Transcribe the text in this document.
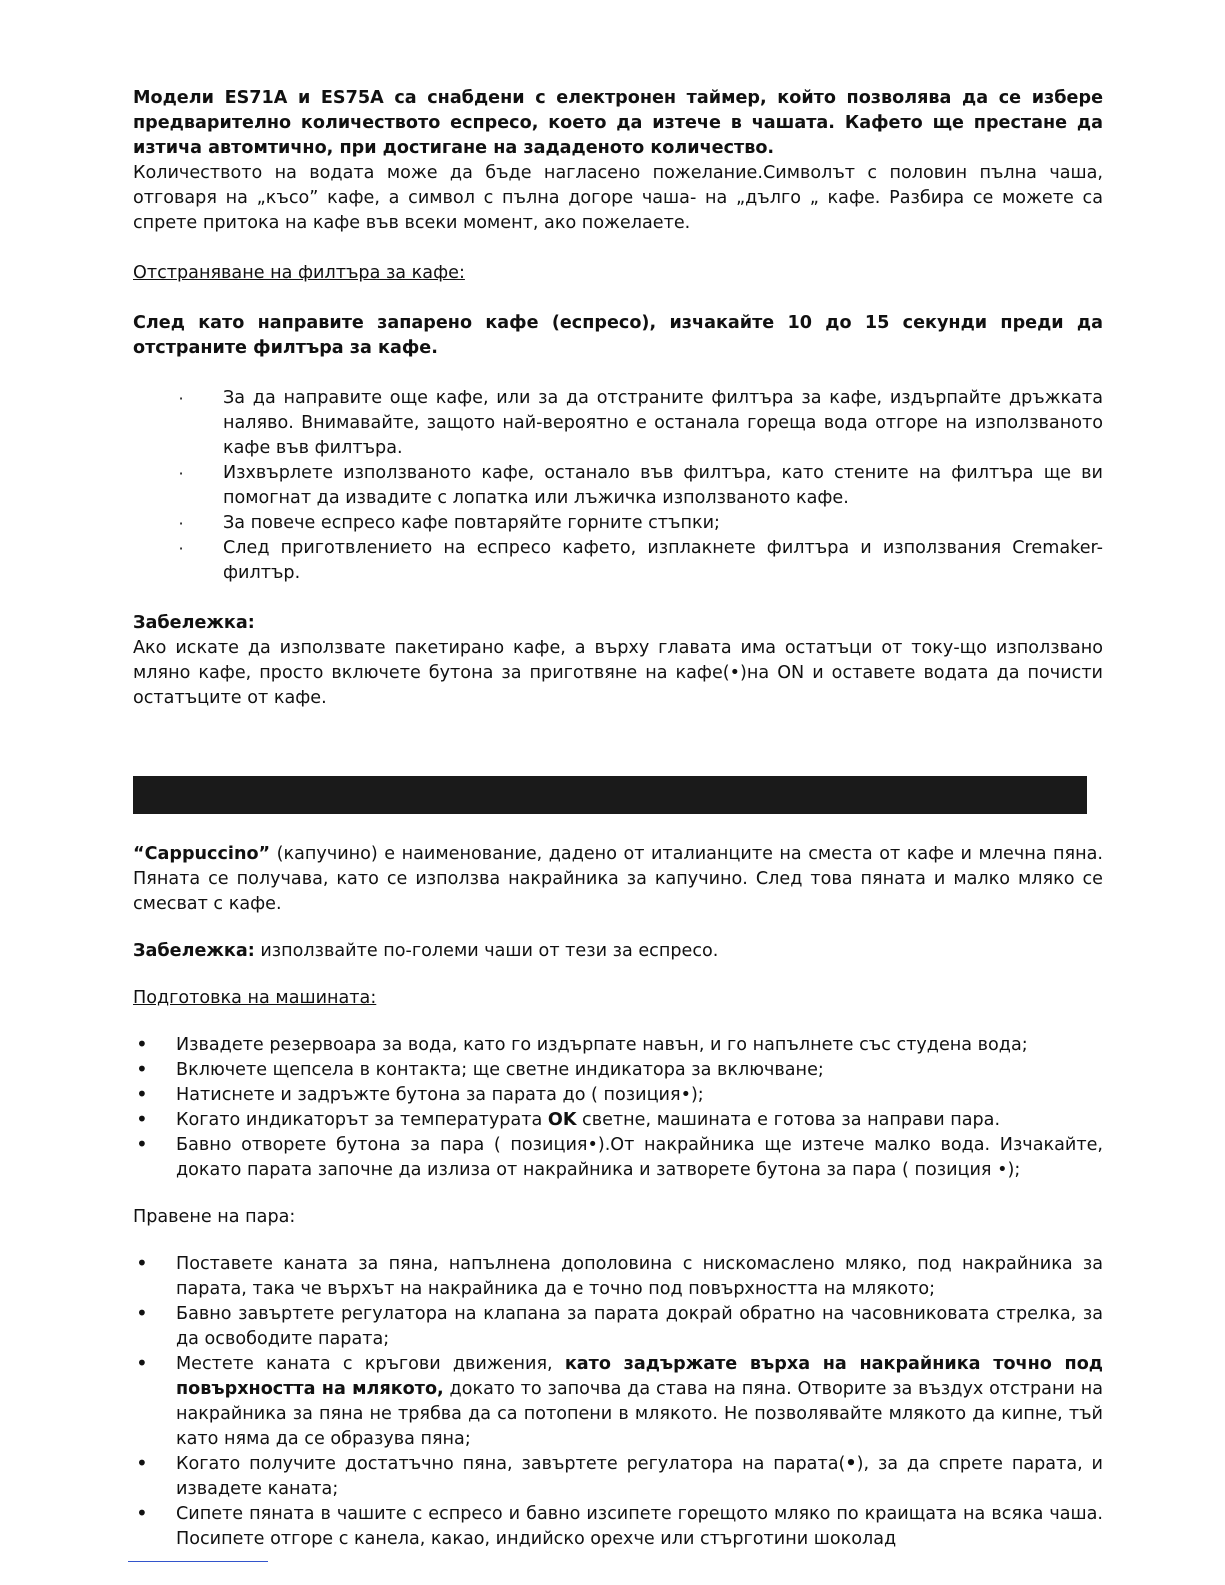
Модели ES71A и ES75A са снабдени с електронен таймер, който позволява да се избере предварително количеството еспресо, което да изтече в чашата. Кафето ще престане да изтича автомтично, при достигане на зададеното количество.

Количеството на водата може да бъде нагласено пожелание.Символът с половин пълна чаша, отговаря на „късо” кафе, а символ с пълна догоре чаша- на „дълго „ кафе. Разбира се можете са спрете притока на кафе във всеки момент, ако пожелаете.

Отстраняване на филтъра за кафе:

След като направите запарено кафе (еспресо), изчакайте 10 до 15 секунди преди да отстраните филтъра за кафе.

· За да направите още кафе, или за да отстраните филтъра за кафе, издърпайте дръжката наляво. Внимавайте, защото най-вероятно е останала гореща вода отгоре на използваното кафе във филтъра.
· Изхвърлете използваното кафе, останало във филтъра, като стените на филтъра ще ви помогнат да извадите с лопатка или лъжичка използваното кафе.
· За повече еспресо кафе повтаряйте горните стъпки;
· След приготвлението на еспресо кафето, изплакнете филтъра и използвания Cremaker-филтър.

Забележка:

Ако искате да използвате пакетирано кафе, а върху главата има остатъци от току-що използвано мляно кафе, просто включете бутона за приготвяне на кафе(•)на ON и оставете водата да почисти остатъците от кафе.

“Cappuccino” (капучино) е наименование, дадено от италианците на сместа от кафе и млечна пяна. Пяната се получава, като се използва накрайника за капучино. След това пяната и малко мляко се смесват с кафе.

Забележка: използвайте по-големи чаши от тези за еспресо.

Подготовка на машината:

• Извадете резервоара за вода, като го издърпате навън, и го напълнете със студена вода;
• Включете щепсела в контакта; ще светне индикатора за включване;
• Натиснете и задръжте бутона за парата до ( позиция•);
• Когато индикаторът за температурата OK светне, машината е готова за направи пара.
• Бавно отворете бутона за пара ( позиция•).От накрайника ще изтече малко вода. Изчакайте, докато парата започне да излиза от накрайника и затворете бутона за пара ( позиция •);

Правене на пара:

• Поставете каната за пяна, напълнена дополовина с нискомаслено мляко, под накрайника за парата, така че върхът на накрайника да е точно под повърхността на млякото;
• Бавно завъртете регулатора на клапана за парата докрай обратно на часовниковата стрелка, за да освободите парата;
• Местете каната с кръгови движения, като задържате върха на накрайника точно под повърхността на млякото, докато то започва да става на пяна. Отворите за въздух отстрани на накрайника за пяна не трябва да са потопени в млякото. Не позволявайте млякото да кипне, тъй като няма да се образува пяна;
• Когато получите достатъчно пяна, завъртете регулатора на парата(•), за да спрете парата, и извадете каната;
• Сипете пяната в чашите с еспресо и бавно изсипете горещото мляко по краищата на всяка чаша. Посипете отгоре с канела, какао, индийско орехче или стърготини шоколад
